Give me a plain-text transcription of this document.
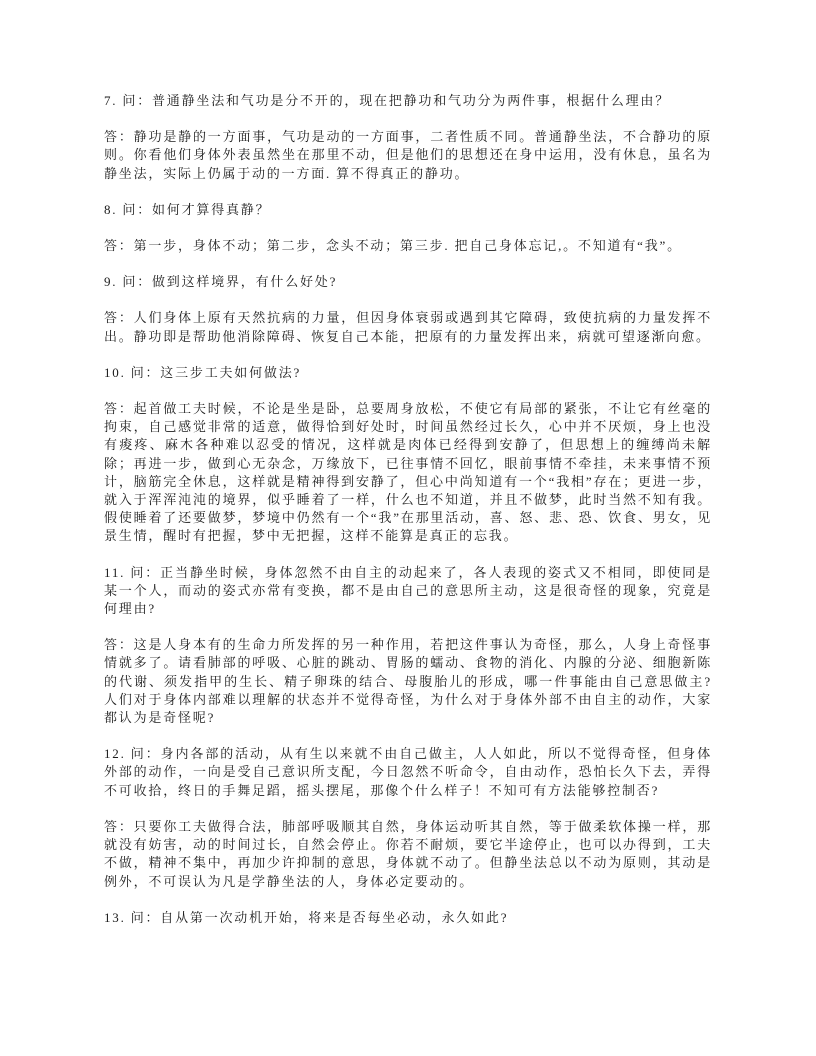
7. 问：普通静坐法和气功是分不开的，现在把静功和气功分为两件事，根据什么理由？

答：静功是静的一方面事，气功是动的一方面事，二者性质不同。普通静坐法，不合静功的原则。你看他们身体外表虽然坐在那里不动，但是他们的思想还在身中运用，没有休息，虽名为静坐法，实际上仍属于动的一方面. 算不得真正的静功。

8. 问：如何才算得真静？

答：第一步，身体不动；第二步，念头不动；第三步. 把自己身体忘记,。不知道有“我”。

9. 问：做到这样境界，有什么好处?

答：人们身体上原有天然抗病的力量，但因身体衰弱或遇到其它障碍，致使抗病的力量发挥不出。静功即是帮助他消除障碍、恢复自己本能，把原有的力量发挥出来，病就可望逐渐向愈。

10. 问：这三步工夫如何做法?

答：起首做工夫时候，不论是坐是卧，总要周身放松，不使它有局部的紧张，不让它有丝毫的拘束，自己感觉非常的适意，做得恰到好处时，时间虽然经过长久，心中并不厌烦，身上也没有痠疼、麻木各种难以忍受的情况，这样就是肉体已经得到安静了，但思想上的缠缚尚未解除；再进一步，做到心无杂念，万缘放下，已往事情不回忆，眼前事情不牵挂，未来事情不预计，脑筋完全休息，这样就是精神得到安静了，但心中尚知道有一个“我相”存在；更进一步，就入于浑浑沌沌的境界，似乎睡着了一样，什么也不知道，并且不做梦，此时当然不知有我。假使睡着了还要做梦，梦境中仍然有一个“我”在那里活动，喜、怒、悲、恐、饮食、男女，见景生情，醒时有把握，梦中无把握，这样不能算是真正的忘我。

11. 问：正当静坐时候，身体忽然不由自主的动起来了，各人表现的姿式又不相同，即使同是某一个人，而动的姿式亦常有变换，都不是由自己的意思所主动，这是很奇怪的现象，究竟是何理由?

答：这是人身本有的生命力所发挥的另一种作用，若把这件事认为奇怪，那么，人身上奇怪事情就多了。请看肺部的呼吸、心脏的跳动、胃肠的蠕动、食物的消化、内腺的分泌、细胞新陈的代谢、须发指甲的生长、精子卵珠的结合、母腹胎儿的形成，哪一件事能由自己意思做主? 人们对于身体内部难以理解的状态并不觉得奇怪，为什么对于身体外部不由自主的动作，大家都认为是奇怪呢?

12. 问：身内各部的活动，从有生以来就不由自己做主，人人如此，所以不觉得奇怪，但身体外部的动作，一向是受自己意识所支配，今日忽然不听命令，自由动作，恐怕长久下去，弄得不可收拾，终日的手舞足蹈，摇头摆尾，那像个什么样子！不知可有方法能够控制否?

答：只要你工夫做得合法，肺部呼吸顺其自然，身体运动听其自然，等于做柔软体操一样，那就没有妨害，动的时间过长，自然会停止。你若不耐烦，要它半途停止，也可以办得到，工夫不做，精神不集中，再加少许抑制的意思，身体就不动了。但静坐法总以不动为原则，其动是例外，不可误认为凡是学静坐法的人，身体必定要动的。

13. 问：自从第一次动机开始，将来是否每坐必动，永久如此?
